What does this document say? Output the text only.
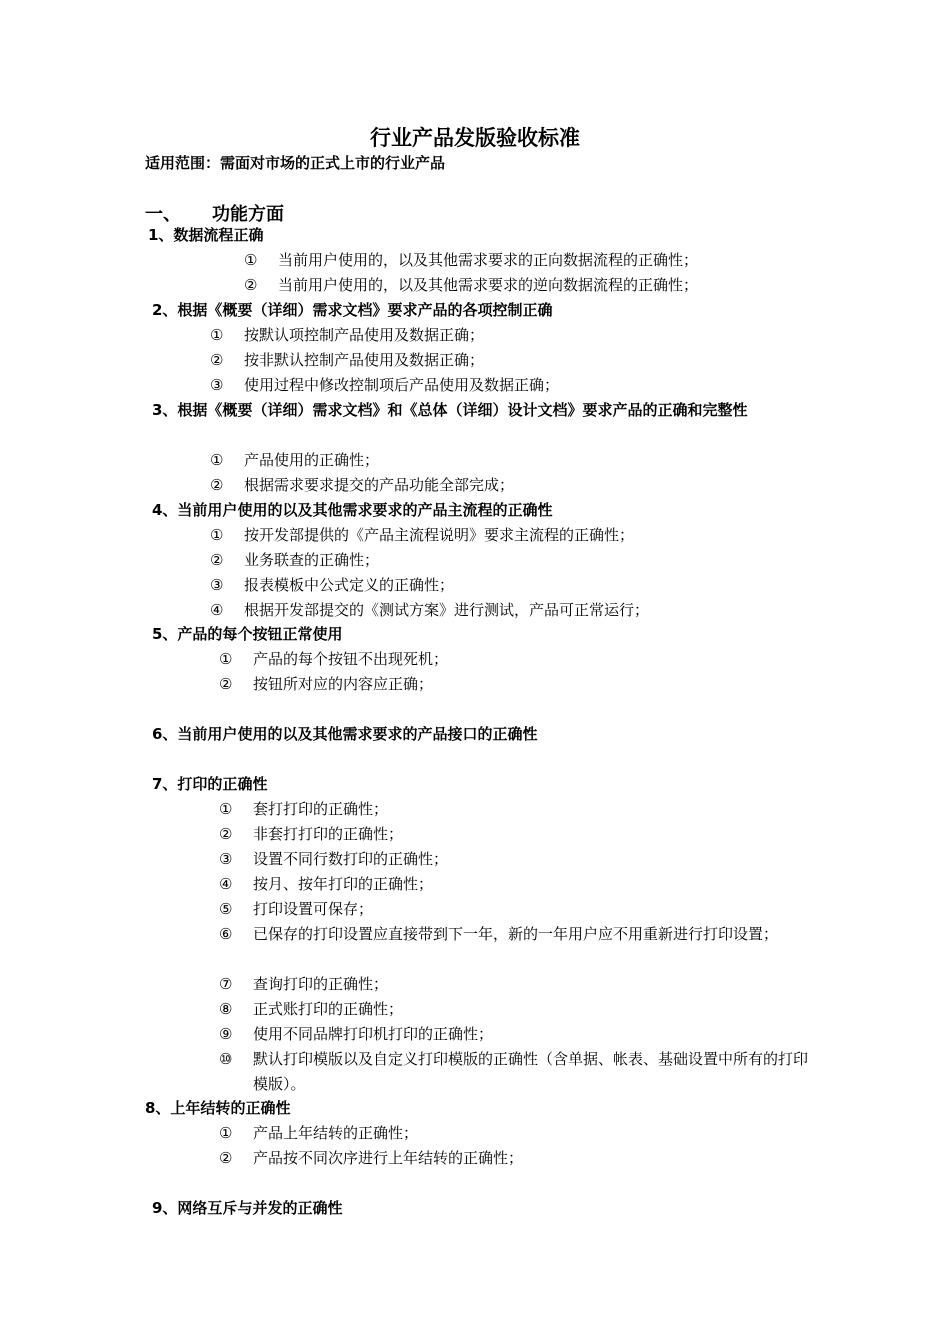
行业产品发版验收标准
适用范围：需面对市场的正式上市的行业产品
一、 功能方面
1、数据流程正确
①	当前用户使用的，以及其他需求要求的正向数据流程的正确性；
②	当前用户使用的，以及其他需求要求的逆向数据流程的正确性；
2、根据《概要（详细）需求文档》要求产品的各项控制正确
①	按默认项控制产品使用及数据正确；
②	按非默认控制产品使用及数据正确；
③	使用过程中修改控制项后产品使用及数据正确；
3、根据《概要（详细）需求文档》和《总体（详细）设计文档》要求产品的正确和完整性
①	产品使用的正确性；
②	根据需求要求提交的产品功能全部完成；
4、当前用户使用的以及其他需求要求的产品主流程的正确性
①	按开发部提供的《产品主流程说明》要求主流程的正确性；
②	业务联查的正确性；
③	报表模板中公式定义的正确性；
④	根据开发部提交的《测试方案》进行测试，产品可正常运行；
5、产品的每个按钮正常使用
①	产品的每个按钮不出现死机；
②	按钮所对应的内容应正确；
6、当前用户使用的以及其他需求要求的产品接口的正确性
7、打印的正确性
①	套打打印的正确性；
②	非套打打印的正确性；
③	设置不同行数打印的正确性；
④	按月、按年打印的正确性；
⑤	打印设置可保存；
⑥	已保存的打印设置应直接带到下一年，新的一年用户应不用重新进行打印设置；
⑦	查询打印的正确性；
⑧	正式账打印的正确性；
⑨	使用不同品牌打印机打印的正确性；
⑩	默认打印模版以及自定义打印模版的正确性（含单据、帐表、基础设置中所有的打印模版）。
8、上年结转的正确性
①	产品上年结转的正确性；
②	产品按不同次序进行上年结转的正确性；
9、网络互斥与并发的正确性
